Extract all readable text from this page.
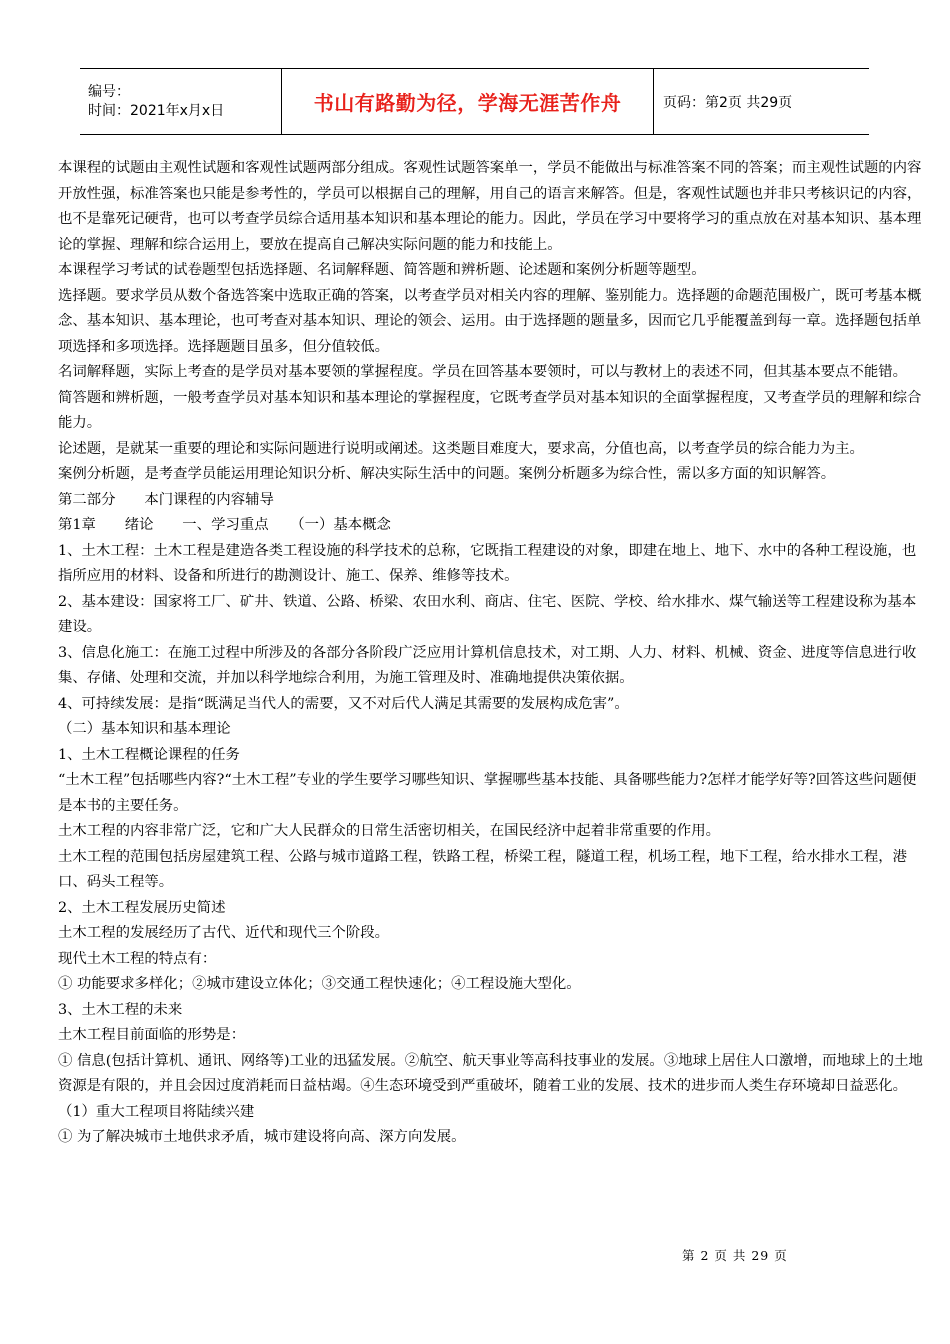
编号：
时间：2021年x月x日	书山有路勤为径，学海无涯苦作舟	页码：第2页 共29页

本课程的试题由主观性试题和客观性试题两部分组成。客观性试题答案单一，学员不能做出与标准答案不同的答案；而主观性试题的内容开放性强，标准答案也只能是参考性的，学员可以根据自己的理解，用自己的语言来解答。但是，客观性试题也并非只考核识记的内容，也不是靠死记硬背，也可以考查学员综合适用基本知识和基本理论的能力。因此，学员在学习中要将学习的重点放在对基本知识、基本理论的掌握、理解和综合运用上，要放在提高自己解决实际问题的能力和技能上。

本课程学习考试的试卷题型包括选择题、名词解释题、简答题和辨析题、论述题和案例分析题等题型。

选择题。要求学员从数个备选答案中选取正确的答案，以考查学员对相关内容的理解、鉴别能力。选择题的命题范围极广，既可考基本概念、基本知识、基本理论，也可考查对基本知识、理论的领会、运用。由于选择题的题量多，因而它几乎能覆盖到每一章。选择题包括单项选择和多项选择。选择题题目虽多，但分值较低。

名词解释题，实际上考查的是学员对基本要领的掌握程度。学员在回答基本要领时，可以与教材上的表述不同，但其基本要点不能错。

简答题和辨析题，一般考查学员对基本知识和基本理论的掌握程度，它既考查学员对基本知识的全面掌握程度，又考查学员的理解和综合能力。

论述题，是就某一重要的理论和实际问题进行说明或阐述。这类题目难度大，要求高，分值也高，以考查学员的综合能力为主。

案例分析题，是考查学员能运用理论知识分析、解决实际生活中的问题。案例分析题多为综合性，需以多方面的知识解答。

第二部分　　本门课程的内容辅导

第1章　　绪论　　一、学习重点　　（一）基本概念

1、土木工程：土木工程是建造各类工程设施的科学技术的总称，它既指工程建设的对象，即建在地上、地下、水中的各种工程设施，也指所应用的材料、设备和所进行的勘测设计、施工、保养、维修等技术。

2、基本建设：国家将工厂、矿井、铁道、公路、桥梁、农田水利、商店、住宅、医院、学校、给水排水、煤气输送等工程建设称为基本建设。

3、信息化施工：在施工过程中所涉及的各部分各阶段广泛应用计算机信息技术，对工期、人力、材料、机械、资金、进度等信息进行收集、存储、处理和交流，并加以科学地综合利用，为施工管理及时、准确地提供决策依据。

4、可持续发展：是指“既满足当代人的需要，又不对后代人满足其需要的发展构成危害”。

（二）基本知识和基本理论

1、土木工程概论课程的任务

“土木工程”包括哪些内容?“土木工程”专业的学生要学习哪些知识、掌握哪些基本技能、具备哪些能力?怎样才能学好等?回答这些问题便是本书的主要任务。

土木工程的内容非常广泛，它和广大人民群众的日常生活密切相关，在国民经济中起着非常重要的作用。

土木工程的范围包括房屋建筑工程、公路与城市道路工程，铁路工程，桥梁工程，隧道工程，机场工程，地下工程，给水排水工程，港口、码头工程等。

2、土木工程发展历史简述

土木工程的发展经历了古代、近代和现代三个阶段。

现代土木工程的特点有：

① 功能要求多样化；②城市建设立体化；③交通工程快速化；④工程设施大型化。

3、土木工程的未来

土木工程目前面临的形势是：

① 信息(包括计算机、通讯、网络等)工业的迅猛发展。②航空、航天事业等高科技事业的发展。③地球上居住人口激增，而地球上的土地资源是有限的，并且会因过度消耗而日益枯竭。④生态环境受到严重破坏，随着工业的发展、技术的进步而人类生存环境却日益恶化。

（1）重大工程项目将陆续兴建

① 为了解决城市土地供求矛盾，城市建设将向高、深方向发展。

第 2 页 共 29 页
